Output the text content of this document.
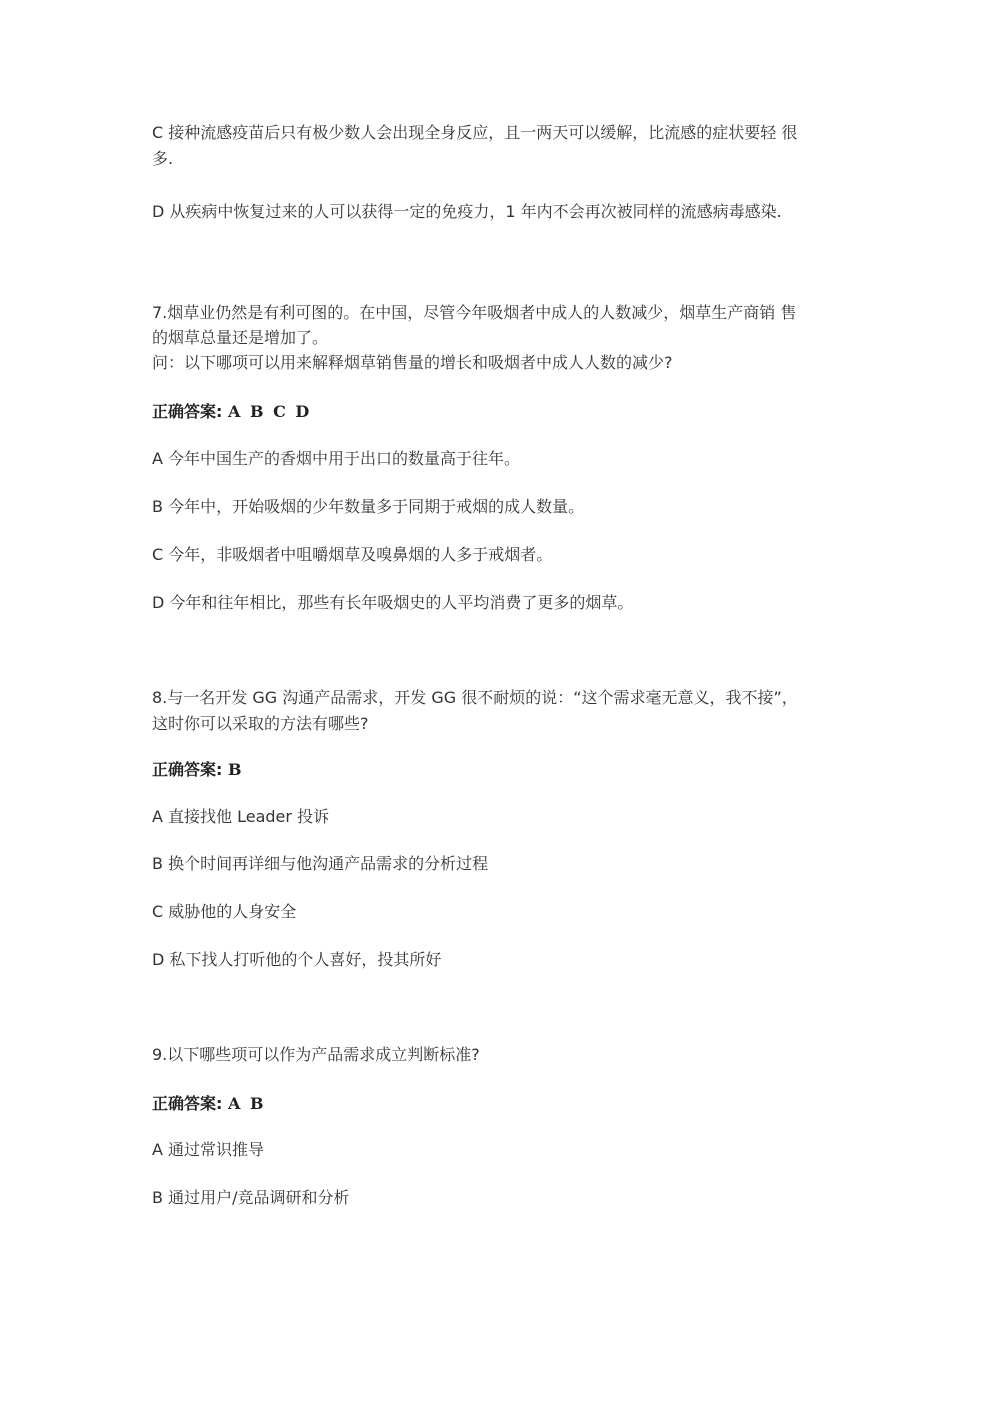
C 接种流感疫苗后只有极少数人会出现全身反应，且一两天可以缓解，比流感的症状要轻 很
多.
D 从疾病中恢复过来的人可以获得一定的免疫力，1 年内不会再次被同样的流感病毒感染.
7.烟草业仍然是有利可图的。在中国，尽管今年吸烟者中成人的人数减少，烟草生产商销 售
的烟草总量还是增加了。
问：以下哪项可以用来解释烟草销售量的增长和吸烟者中成人人数的减少?
正确答案: A B C D
A 今年中国生产的香烟中用于出口的数量高于往年。
B 今年中，开始吸烟的少年数量多于同期于戒烟的成人数量。
C 今年，非吸烟者中咀嚼烟草及嗅鼻烟的人多于戒烟者。
D 今年和往年相比，那些有长年吸烟史的人平均消费了更多的烟草。
8.与一名开发 GG 沟通产品需求，开发 GG 很不耐烦的说：“这个需求毫无意义，我不接”，
这时你可以采取的方法有哪些?
正确答案: B
A 直接找他 Leader 投诉
B 换个时间再详细与他沟通产品需求的分析过程
C 威胁他的人身安全
D 私下找人打听他的个人喜好，投其所好
9.以下哪些项可以作为产品需求成立判断标准?
正确答案: A B
A 通过常识推导
B 通过用户/竞品调研和分析
